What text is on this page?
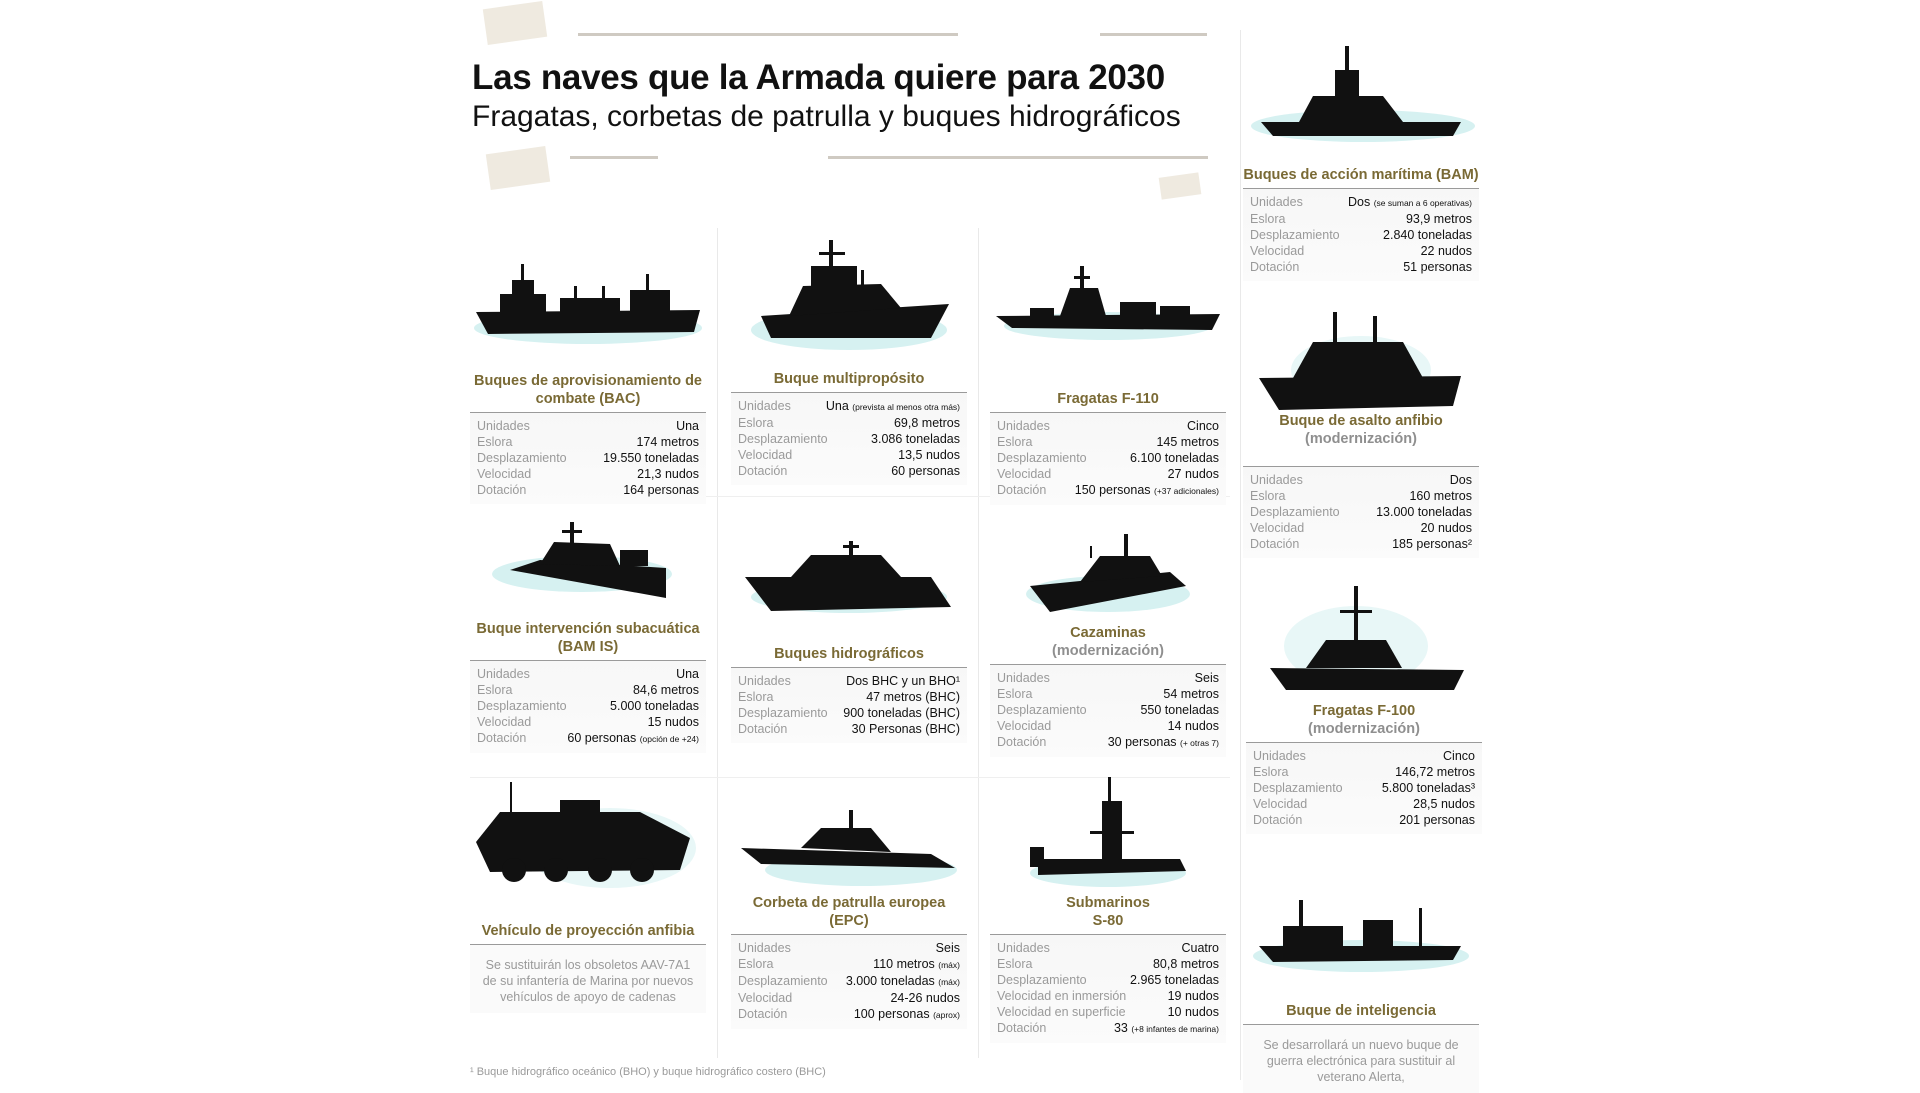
Las naves que la Armada quiere para 2030
Fragatas, corbetas de patrulla y buques hidrográficos
Buques de aprovisionamiento de combate (BAC)
Unidades	Una
Eslora	174 metros
Desplazamiento	19.550 toneladas
Velocidad	21,3 nudos
Dotación	164 personas
Buque multipropósito
Unidades	Una (prevista al menos otra más)
Eslora	69,8 metros
Desplazamiento	3.086 toneladas
Velocidad	13,5 nudos
Dotación	60 personas
Fragatas F-110
Unidades	Cinco
Eslora	145 metros
Desplazamiento	6.100 toneladas
Velocidad	27 nudos
Dotación 150 personas (+37 adicionales)
Buque intervención subacuática (BAM IS)
Unidades	Una
Eslora	84,6 metros
Desplazamiento	5.000 toneladas
Velocidad	15 nudos
Dotación	60 personas (opción de +24)
Buques hidrográficos
Unidades	Dos BHC y un BHO¹
Eslora	47 metros (BHC)
Desplazamiento 900 toneladas (BHC)
Dotación	30 Personas (BHC)
Cazaminas
(modernización)
Unidades	Seis
Eslora	54 metros
Desplazamiento	550 toneladas
Velocidad	14 nudos
Dotación	30 personas (+ otras 7)
Vehículo de proyección anfibia
Se sustituirán los obsoletos AAV-7A1 de su infantería de Marina por nuevos vehículos de apoyo de cadenas
Corbeta de patrulla europea (EPC)
Unidades	Seis
Eslora	110 metros (máx)
Desplazamiento 3.000 toneladas (máx)
Velocidad	24-26 nudos
Dotación	100 personas (aprox)
Submarinos
S-80
Unidades	Cuatro
Eslora	80,8 metros
Desplazamiento	2.965 toneladas
Velocidad en inmersión	19 nudos
Velocidad en superficie	10 nudos
Dotación	33 (+8 infantes de marina)
Buques de acción marítima (BAM)
Unidades	Dos (se suman a 6 operativas)
Eslora	93,9 metros
Desplazamiento	2.840 toneladas
Velocidad	22 nudos
Dotación	51 personas
Buque de asalto anfibio
(modernización)
Unidades	Dos
Eslora	160 metros
Desplazamiento	13.000 toneladas
Velocidad	20 nudos
Dotación	185 personas²
Fragatas F-100
(modernización)
Unidades	Cinco
Eslora	146,72 metros
Desplazamiento	5.800 toneladas³
Velocidad	28,5 nudos
Dotación	201 personas
Buque de inteligencia
Se desarrollará un nuevo buque de guerra electrónica para sustituir al veterano Alerta,
¹ Buque hidrográfico oceánico (BHO) y buque hidrográfico costero (BHC)
